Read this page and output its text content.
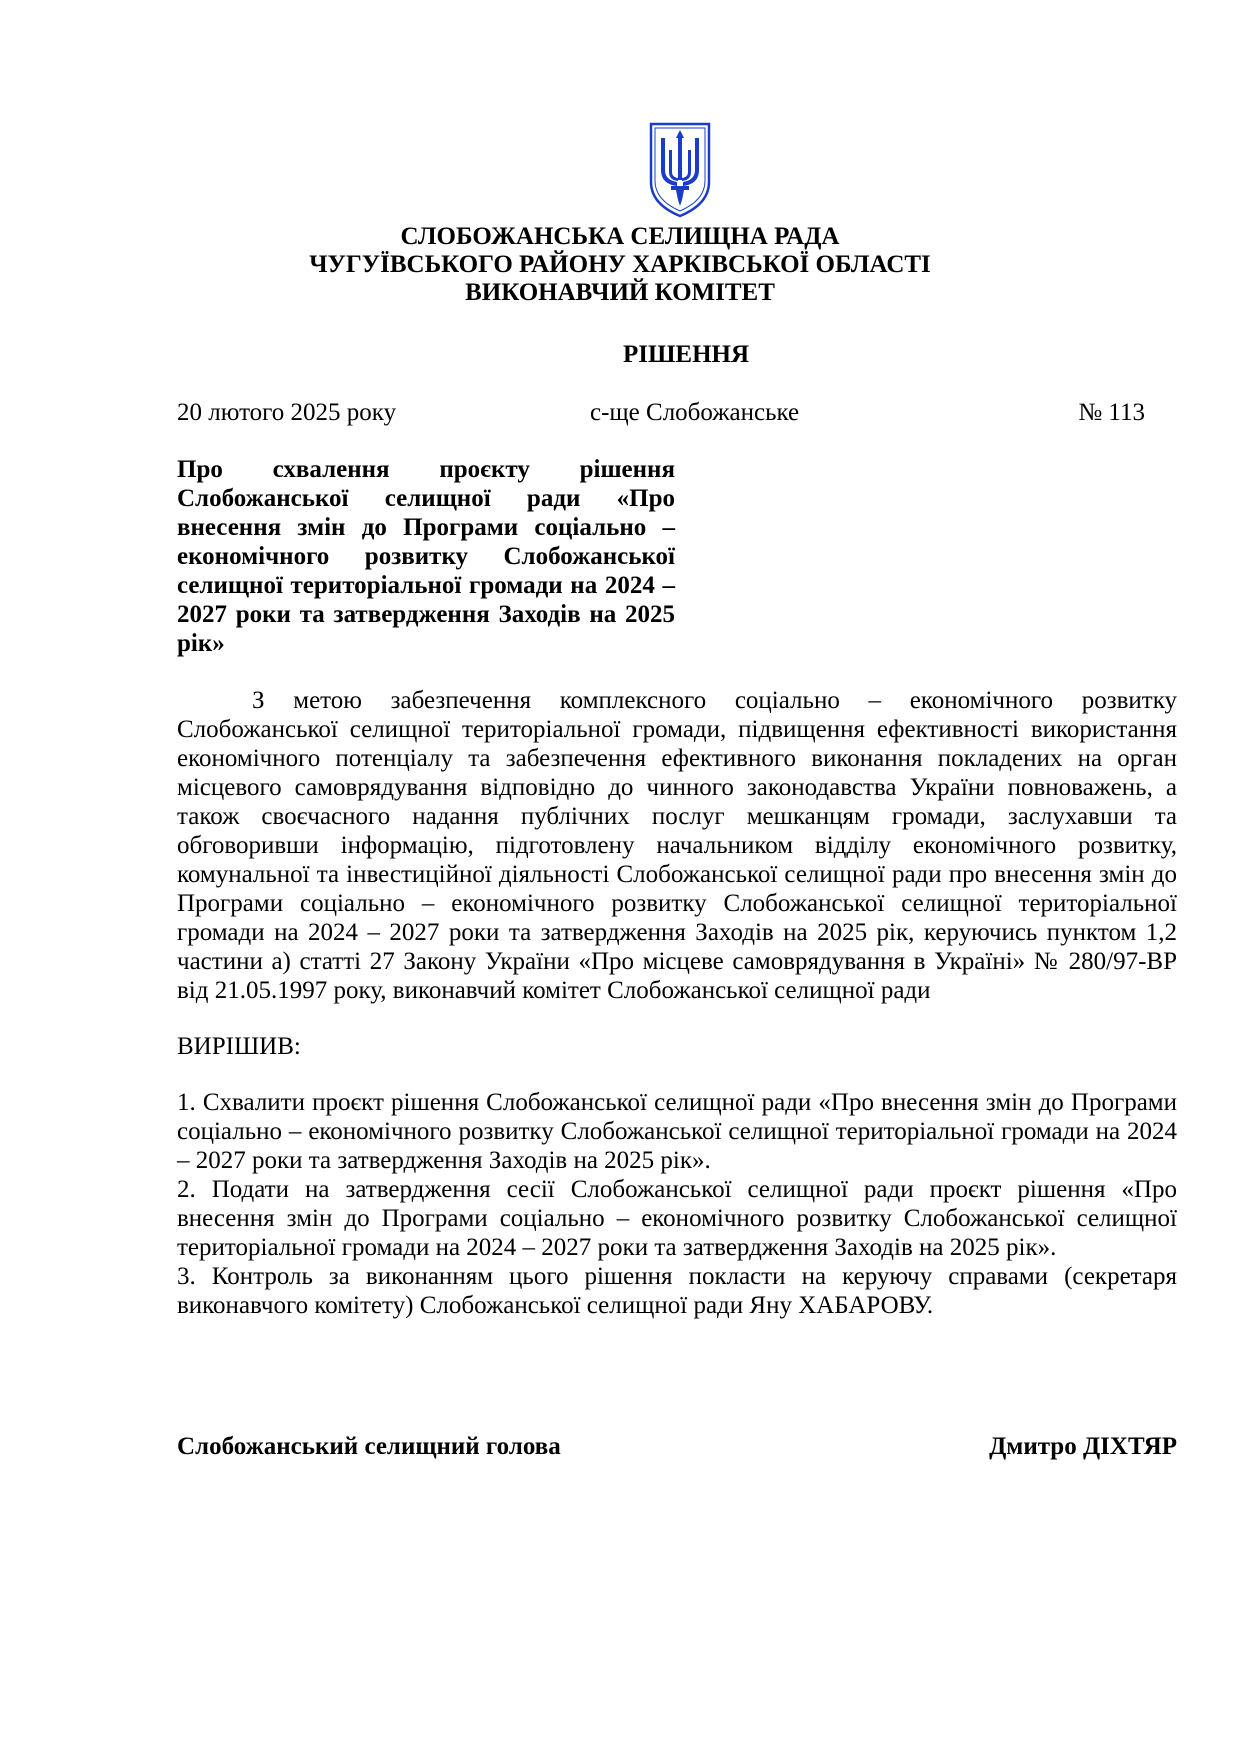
СЛОБОЖАНСЬКА СЕЛИЩНА РАДА
ЧУГУЇВСЬКОГО РАЙОНУ ХАРКІВСЬКОЇ ОБЛАСТІ
ВИКОНАВЧИЙ КОМІТЕТ
РІШЕННЯ
20 лютого 2025 року	с-ще Слобожанське	№ 113
Про схвалення проєкту рішення Слобожанської селищної ради «Про внесення змін до Програми соціально – економічного розвитку Слобожанської селищної територіальної громади на 2024 – 2027 роки та затвердження Заходів на 2025 рік»
З метою забезпечення комплексного соціально – економічного розвитку Слобожанської селищної територіальної громади, підвищення ефективності використання економічного потенціалу та забезпечення ефективного виконання покладених на орган місцевого самоврядування відповідно до чинного законодавства України повноважень, а також своєчасного надання публічних послуг мешканцям громади, заслухавши та обговоривши інформацію, підготовлену начальником відділу економічного розвитку, комунальної та інвестиційної діяльності Слобожанської селищної ради про внесення змін до Програми соціально – економічного розвитку Слобожанської селищної територіальної громади на 2024 – 2027 роки та затвердження Заходів на 2025 рік, керуючись пунктом 1,2 частини а) статті 27 Закону України «Про місцеве самоврядування в Україні» № 280/97-ВР від 21.05.1997 року, виконавчий комітет Слобожанської селищної ради
ВИРІШИВ:

1. Схвалити проєкт рішення Слобожанської селищної ради «Про внесення змін до Програми соціально – економічного розвитку Слобожанської селищної територіальної громади на 2024 – 2027 роки та затвердження Заходів на 2025 рік».

2. Подати на затвердження сесії Слобожанської селищної ради проєкт рішення «Про внесення змін до Програми соціально – економічного розвитку Слобожанської селищної територіальної громади на 2024 – 2027 роки та затвердження Заходів на 2025 рік».

3. Контроль за виконанням цього рішення покласти на керуючу справами (секретаря виконавчого комітету) Слобожанської селищної ради Яну ХАБАРОВУ.

Слобожанський селищний голова	Дмитро ДІХТЯР
